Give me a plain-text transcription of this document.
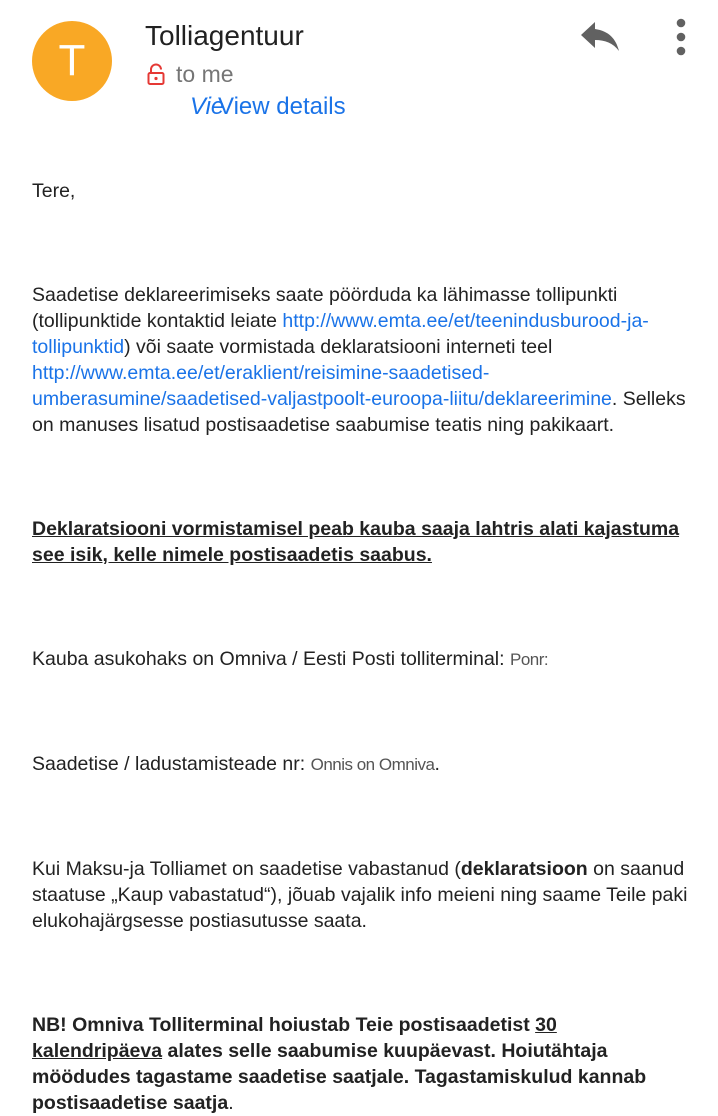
T
Tolliagentuur
to me
VieView details

Tere,

Saadetise deklareerimiseks saate pöörduda ka lähimasse tollipunkti (tollipunktide kontaktid leiate http://www.emta.ee/et/teenindusburood-ja-tollipunktid) või saate vormistada deklaratsiooni interneti teel http://www.emta.ee/et/eraklient/reisimine-saadetised-umberasumine/saadetised-valjastpoolt-euroopa-liitu/deklareerimine. Selleks on manuses lisatud postisaadetise saabumise teatis ning pakikaart.

Deklaratsiooni vormistamisel peab kauba saaja lahtris alati kajastuma see isik, kelle nimele postisaadetis saabus.

Kauba asukohaks on Omniva / Eesti Posti tolliterminal: Ponr:

Saadetise / ladustamisteade nr: Onnis on Omniva.

Kui Maksu-ja Tolliamet on saadetise vabastanud (deklaratsioon on saanud staatuse „Kaup vabastatud“), jõuab vajalik info meieni ning saame Teile paki elukohajärgsesse postiasutusse saata.

NB! Omniva Tolliterminal hoiustab Teie postisaadetist 30 kalendripäeva alates selle saabumise kuupäevast. Hoiutähtaja möödudes tagastame saadetise saatjale. Tagastamiskulud kannab postisaadetise saatja.
